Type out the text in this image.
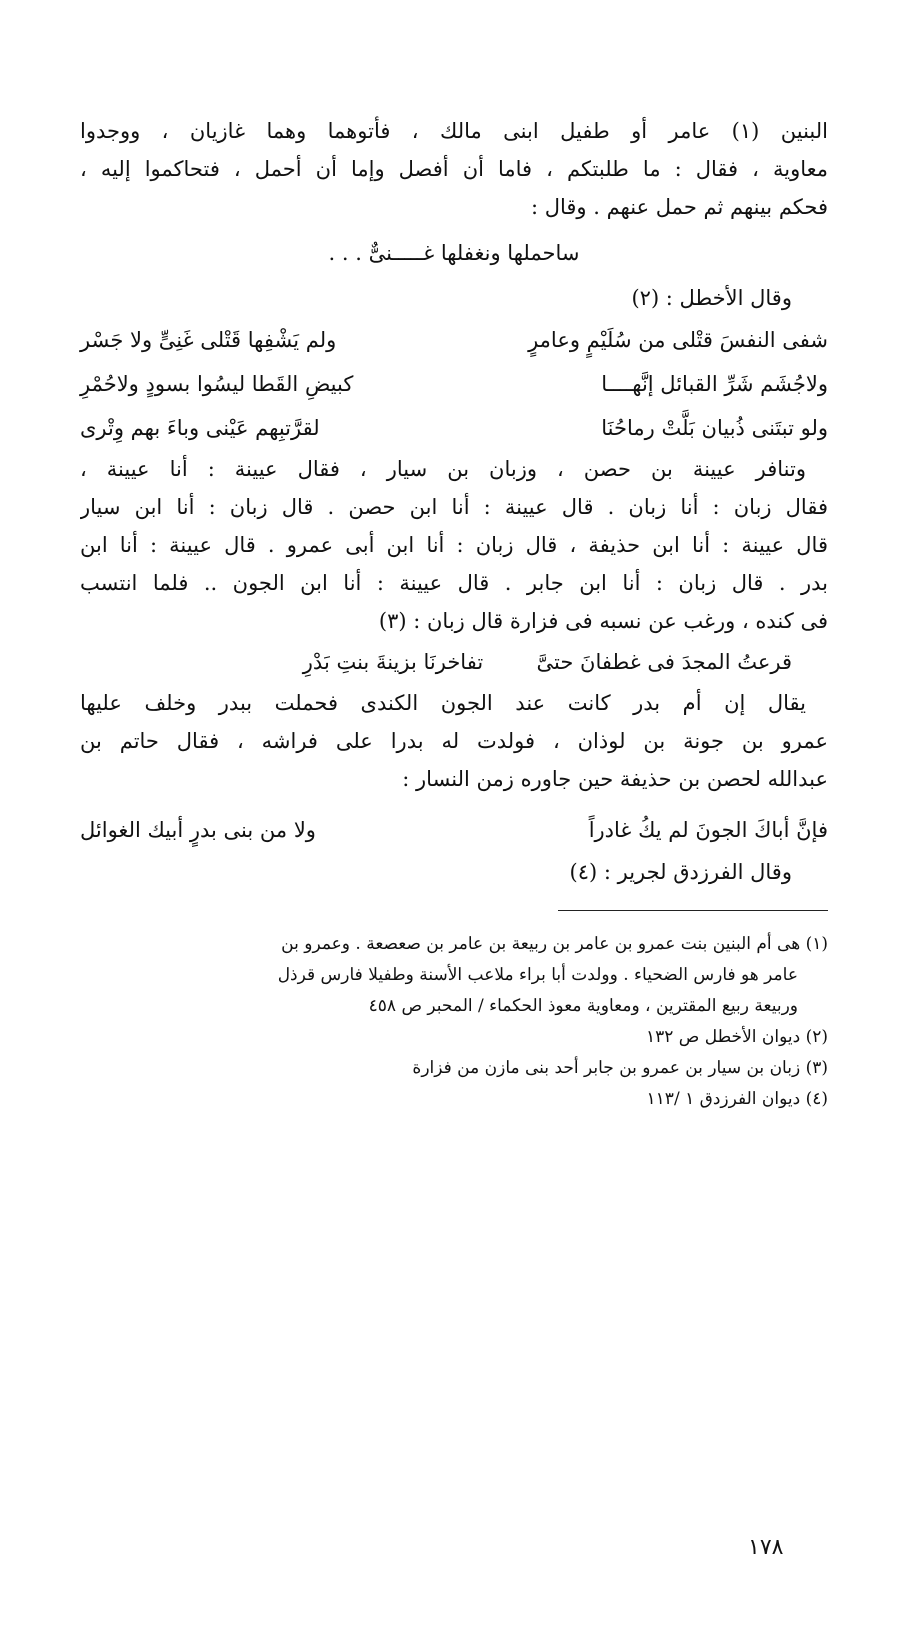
البنين (١) عامر أو طفيل ابنى مالك ، فأتوهما وهما غازيان ، ووجدوا
معاوية ، فقال : ما طلبتكم ، فاما أن أفصل وإما أن أحمل ، فتحاكموا إليه ،
فحكم بينهم ثم حمل عنهم . وقال :
ساحملها ونغفلها غـــــنىٌّ . . .
وقال الأخطل : (٢)
شفى النفسَ قتْلى من سُلَيْمٍ وعامرٍ
ولم يَشْفِها قَتْلى غَنِىٍّ ولا جَسْر
ولاجُشَم شَرِّ القبائل إنَّهــــا
كبيضِ القَطا ليسُوا بسودٍ ولاحُمْرِ
ولو تبتَنى ذُبيان بَلَّتْ رماحُنَا
لقرَّتبِهم عَيْنى وباءَ بهم وِتْرى
وتنافر عيينة بن حصن ، وزبان بن سيار ، فقال عيينة : أنا عيينة ،
فقال زبان : أنا زبان . قال عيينة : أنا ابن حصن . قال زبان : أنا ابن سيار
قال عيينة : أنا ابن حذيفة ، قال زبان : أنا ابن أبى عمرو . قال عيينة : أنا ابن
بدر . قال زبان : أنا ابن جابر . قال عيينة : أنا ابن الجون .. فلما انتسب
فى كنده ، ورغب عن نسبه فى فزارة قال زبان : (٣)
قرعتُ المجدَ فى غطفانَ حتىَّ  تفاخرنَا بزينةَ بنتِ بَدْرِ
يقال إن أم بدر كانت عند الجون الكندى فحملت ببدر وخلف عليها
عمرو بن جونة بن لوذان ، فولدت له بدرا على فراشه ، فقال حاتم بن
عبدالله لحصن بن حذيفة حين جاوره زمن النسار :
فإنَّ أباكَ الجونَ لم يكُ غادراً
ولا من بنى بدرٍ أبيك الغوائل
وقال الفرزدق لجرير : (٤)
(١) هى أم البنين بنت عمرو بن عامر بن ربيعة بن عامر بن صعصعة . وعمرو بن
عامر هو فارس الضحياء . وولدت أبا براء ملاعب الأسنة وطفيلا فارس قرذل
وربيعة ربيع المقترين ، ومعاوية معوذ الحكماء / المحبر ص ٤٥٨
(٢) ديوان الأخطل ص ١٣٢
(٣) زبان بن سيار بن عمرو بن جابر أحد بنى مازن من فزارة
(٤) ديوان الفرزدق ١ /١١٣
١٧٨
